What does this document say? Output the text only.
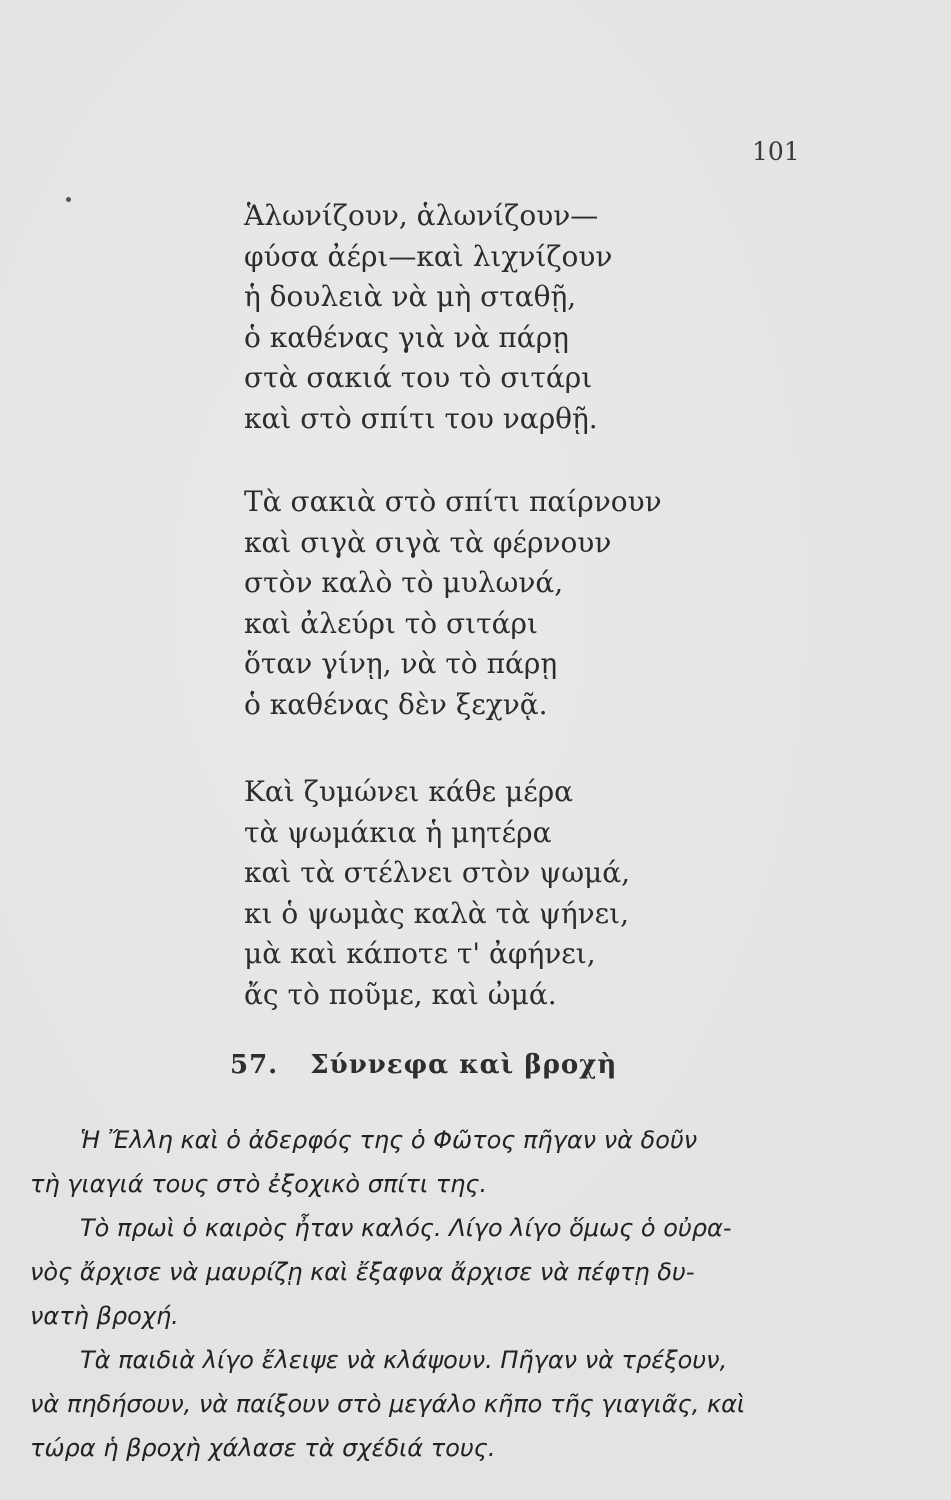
101
Ἁλωνίζουν, ἁλωνίζουν—
φύσα ἀέρι—καὶ λιχνίζουν
ἡ δουλειὰ νὰ μὴ σταθῇ,
ὁ καθένας γιὰ νὰ πάρῃ
στὰ σακιά του τὸ σιτάρι
καὶ στὸ σπίτι του ναρθῇ.
Τὰ σακιὰ στὸ σπίτι παίρνουν
καὶ σιγὰ σιγὰ τὰ φέρνουν
στὸν καλὸ τὸ μυλωνά,
καὶ ἀλεύρι τὸ σιτάρι
ὅταν γίνῃ, νὰ τὸ πάρῃ
ὁ καθένας δὲν ξεχνᾷ.
Καὶ ζυμώνει κάθε μέρα
τὰ ψωμάκια ἡ μητέρα
καὶ τὰ στέλνει στὸν ψωμά,
κι ὁ ψωμὰς καλὰ τὰ ψήνει,
μὰ καὶ κάποτε τ' ἀφήνει,
ἄς τὸ ποῦμε, καὶ ὠμά.
57. Σύννεφα καὶ βροχὴ
Ἡ Ἔλλη καὶ ὁ ἀδερφός της ὁ Φῶτος πῆγαν νὰ δοῦν
τὴ γιαγιά τους στὸ ἐξοχικὸ σπίτι της.
Τὸ πρωὶ ὁ καιρὸς ἦταν καλός. Λίγο λίγο ὅμως ὁ οὐρα-
νὸς ἄρχισε νὰ μαυρίζῃ καὶ ἔξαφνα ἄρχισε νὰ πέφτῃ δυ-
νατὴ βροχή.
Τὰ παιδιὰ λίγο ἔλειψε νὰ κλάψουν. Πῆγαν νὰ τρέξουν,
νὰ πηδήσουν, νὰ παίξουν στὸ μεγάλο κῆπο τῆς γιαγιᾶς, καὶ
τώρα ἡ βροχὴ χάλασε τὰ σχέδιά τους.
